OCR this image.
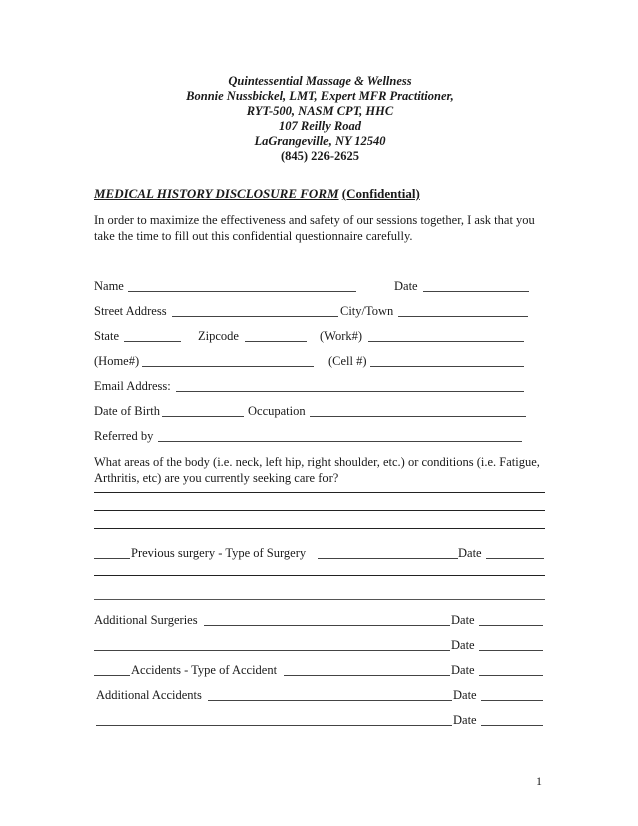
Quintessential Massage & Wellness
Bonnie Nussbickel, LMT, Expert MFR Practitioner,
RYT-500, NASM CPT, HHC
107 Reilly Road
LaGrangeville, NY 12540
(845) 226-2625
MEDICAL HISTORY DISCLOSURE FORM (Confidential)
In order to maximize the effectiveness and safety of our sessions together, I ask that you take the time to fill out this confidential questionnaire carefully.
Name	Date
Street Address	City/Town
State	Zipcode	(Work#)
(Home#)	(Cell #)
Email Address:
Date of Birth	Occupation
Referred by
What areas of the body (i.e. neck, left hip, right shoulder, etc.) or conditions (i.e. Fatigue, Arthritis, etc) are you currently seeking care for?
Previous surgery - Type of Surgery	Date
Additional Surgeries	Date
Date
Accidents - Type of Accident	Date
Additional Accidents	Date
Date
1
